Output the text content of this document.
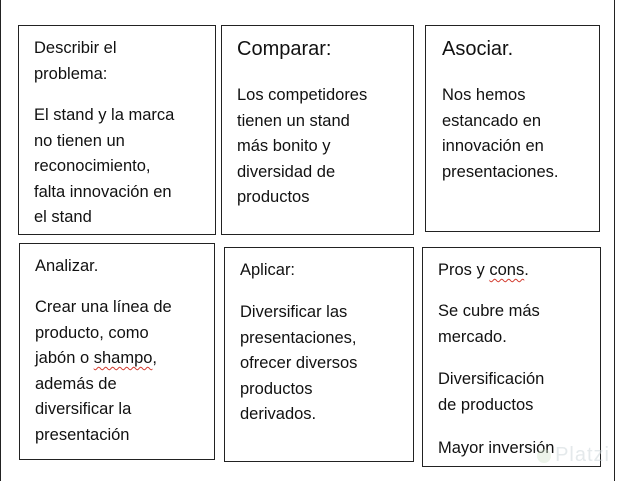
Describir el
problema:

El stand y la marca
no tienen un
reconocimiento,
falta innovación en
el stand

Comparar:

Los competidores
tienen un stand
más bonito y
diversidad de
productos

Asociar.

Nos hemos
estancado en
innovación en
presentaciones.

Analizar.

Crear una línea de
producto, como
jabón o shampo,
además de
diversificar la
presentación

Aplicar:

Diversificar las
presentaciones,
ofrecer diversos
productos
derivados.

Pros y cons.

Se cubre más
mercado.

Diversificación
de productos

Mayor inversión Platzi
